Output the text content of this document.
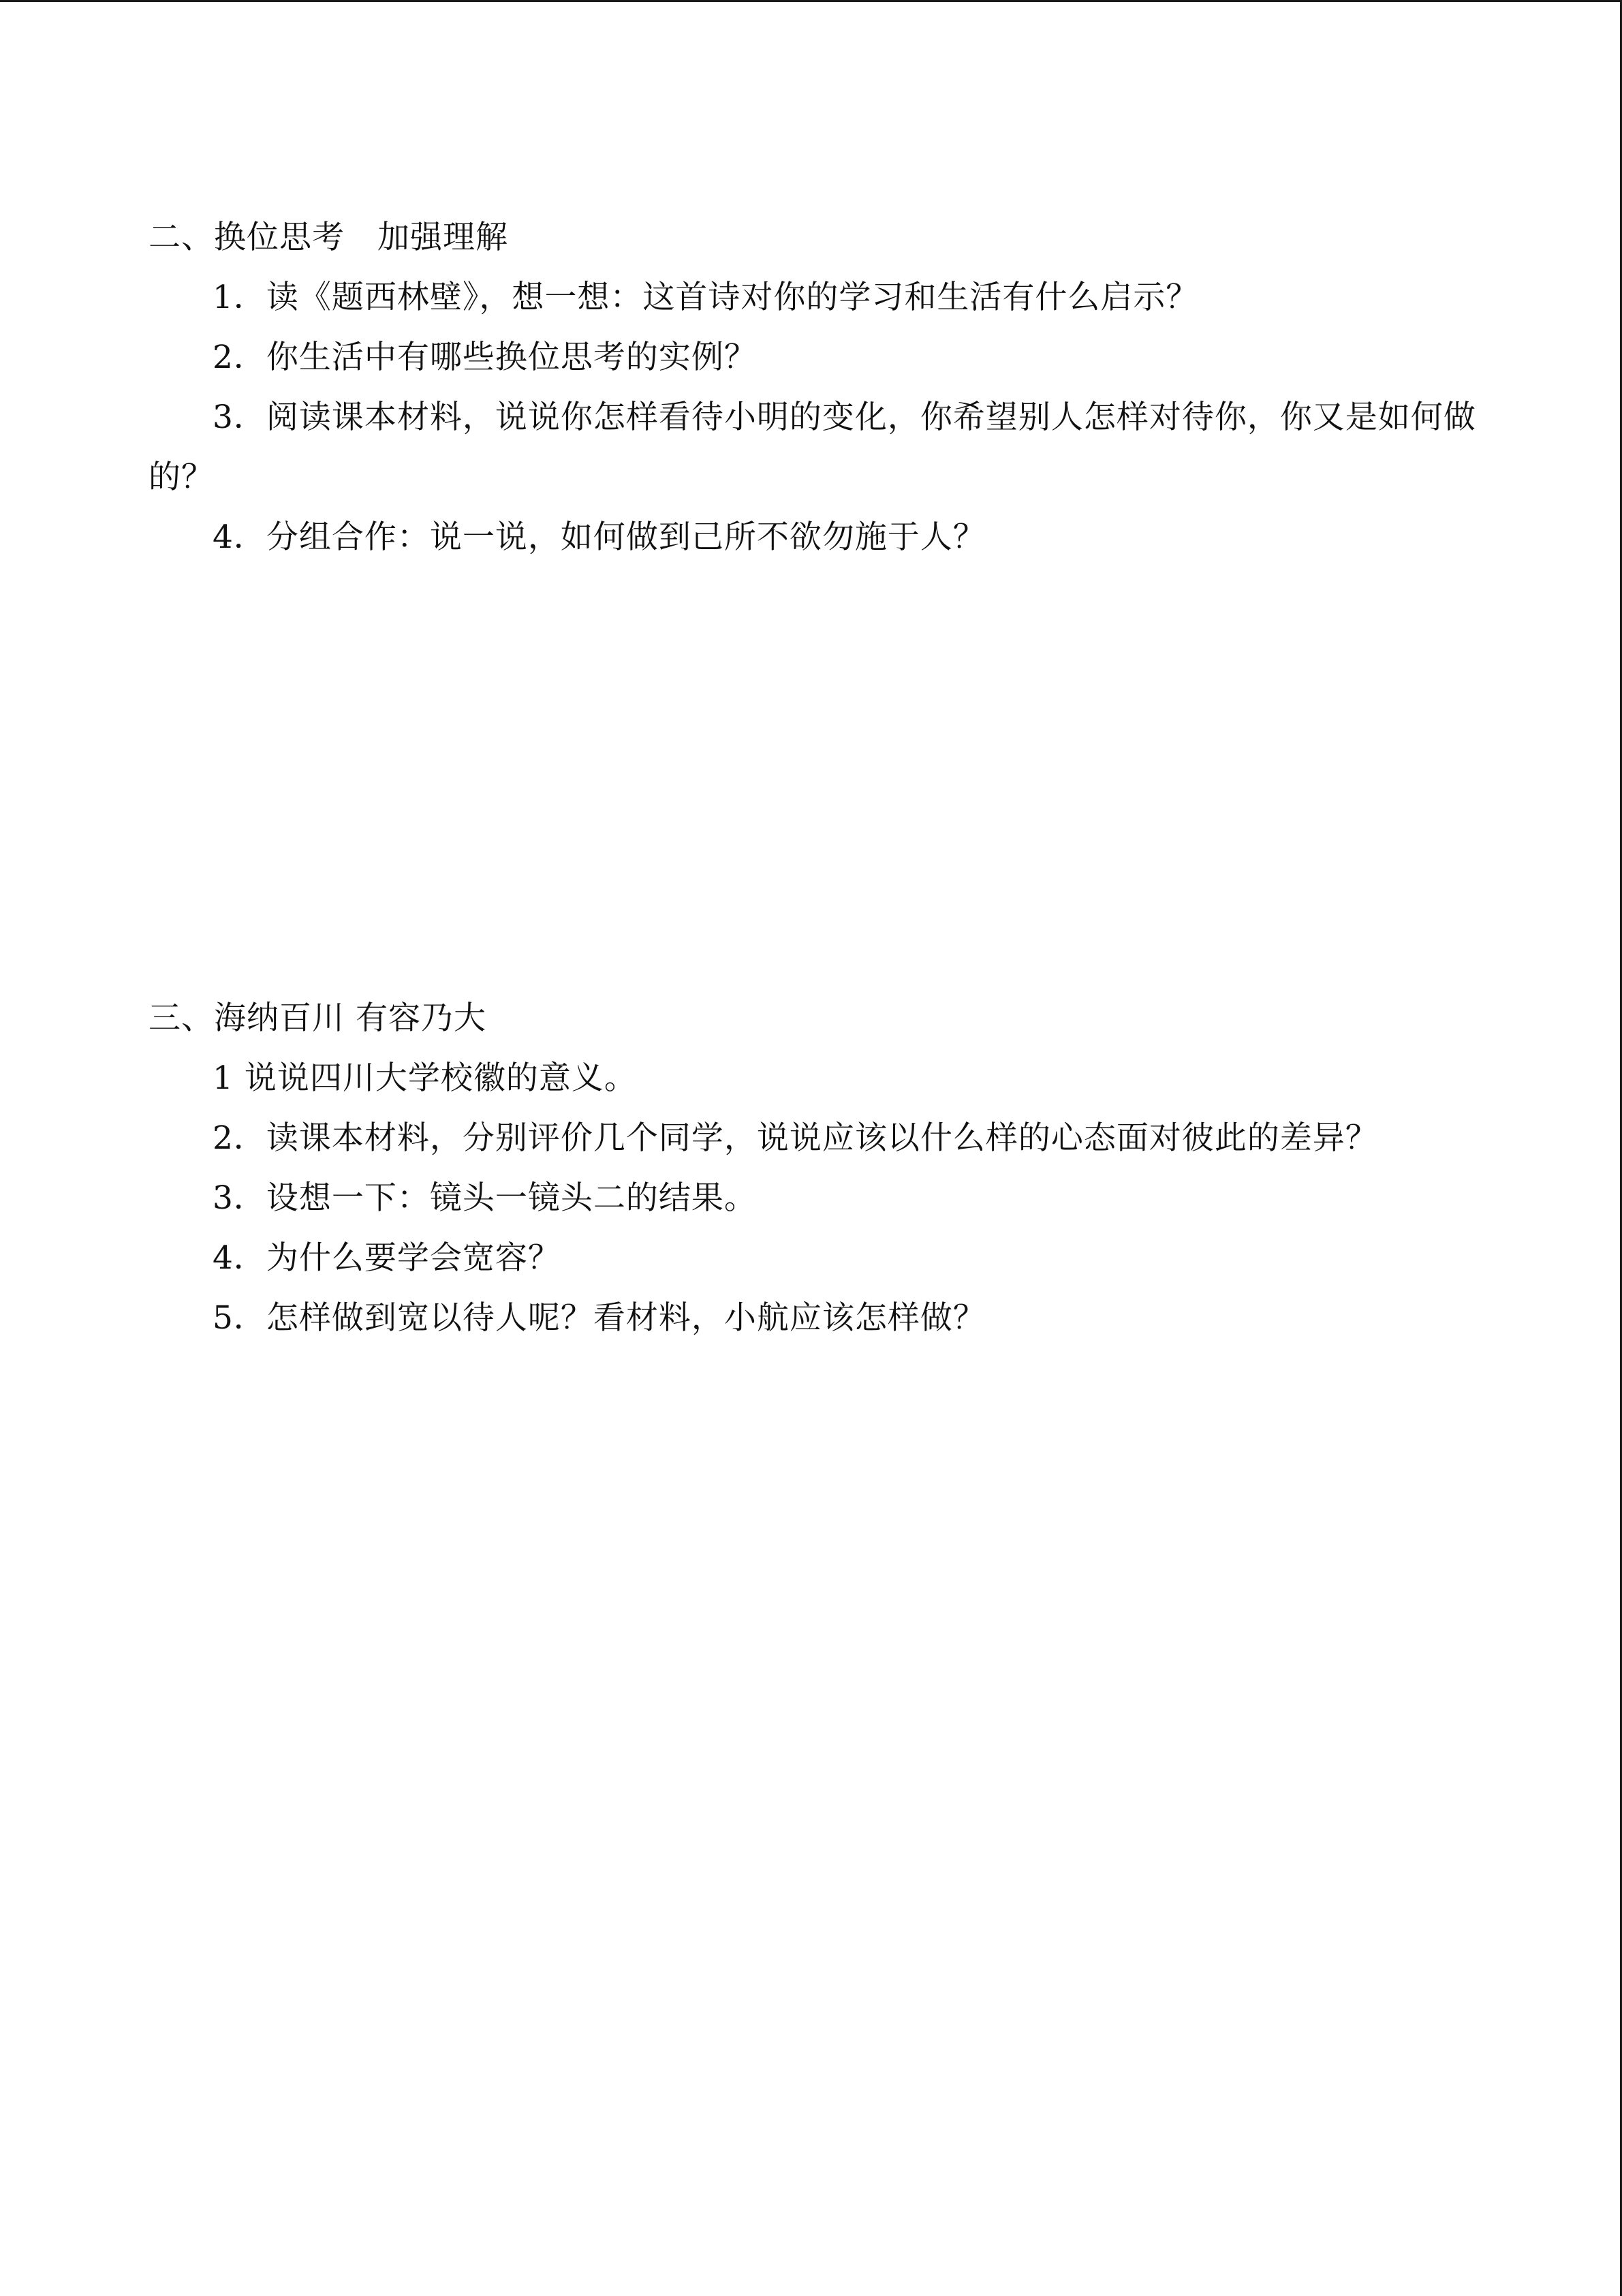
二、换位思考　加强理解
1．读《题西林壁》，想一想：这首诗对你的学习和生活有什么启示？
2．你生活中有哪些换位思考的实例？
3．阅读课本材料，说说你怎样看待小明的变化，你希望别人怎样对待你，你又是如何做
的？
4．分组合作：说一说，如何做到己所不欲勿施于人？
三、海纳百川 有容乃大
1 说说四川大学校徽的意义。
2．读课本材料，分别评价几个同学，说说应该以什么样的心态面对彼此的差异？
3．设想一下：镜头一镜头二的结果。
4．为什么要学会宽容？
5．怎样做到宽以待人呢？看材料，小航应该怎样做？
